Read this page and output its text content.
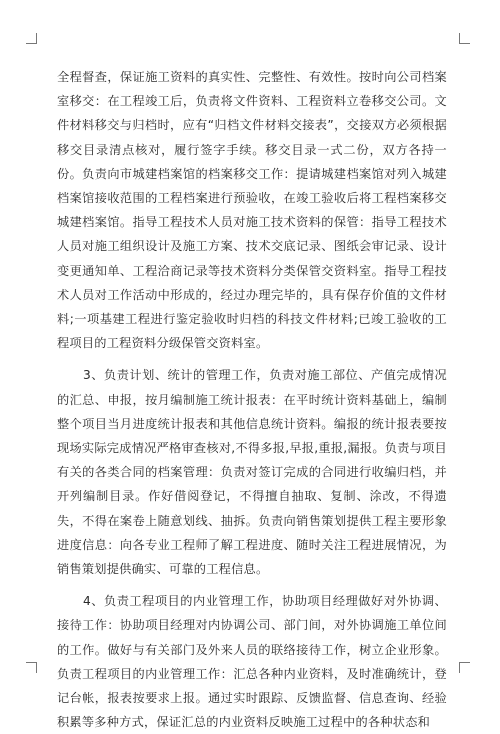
全程督查，保证施工资料的真实性、完整性、有效性。按时向公司档案室移交：在工程竣工后，负责将文件资料、工程资料立卷移交公司。文件材料移交与归档时，应有“归档文件材料交接表”，交接双方必须根据移交目录清点核对，履行签字手续。移交目录一式二份，双方各持一份。负责向市城建档案馆的档案移交工作：提请城建档案馆对列入城建档案馆接收范围的工程档案进行预验收，在竣工验收后将工程档案移交城建档案馆。指导工程技术人员对施工技术资料的保管：指导工程技术人员对施工组织设计及施工方案、技术交底记录、图纸会审记录、设计变更通知单、工程洽商记录等技术资料分类保管交资料室。指导工程技术人员对工作活动中形成的，经过办理完毕的，具有保存价值的文件材料;一项基建工程进行鉴定验收时归档的科技文件材料;已竣工验收的工程项目的工程资料分级保管交资料室。

3、负责计划、统计的管理工作，负责对施工部位、产值完成情况的汇总、申报，按月编制施工统计报表：在平时统计资料基础上，编制整个项目当月进度统计报表和其他信息统计资料。编报的统计报表要按现场实际完成情况严格审查核对,不得多报,早报,重报,漏报。负责与项目有关的各类合同的档案管理：负责对签订完成的合同进行收编归档，并开列编制目录。作好借阅登记，不得擅自抽取、复制、涂改，不得遗失，不得在案卷上随意划线、抽拆。负责向销售策划提供工程主要形象进度信息：向各专业工程师了解工程进度、随时关注工程进展情况，为销售策划提供确实、可靠的工程信息。

4、负责工程项目的内业管理工作，协助项目经理做好对外协调、接待工作：协助项目经理对内协调公司、部门间，对外协调施工单位间的工作。做好与有关部门及外来人员的联络接待工作，树立企业形象。负责工程项目的内业管理工作：汇总各种内业资料，及时准确统计，登记台帐，报表按要求上报。通过实时跟踪、反馈监督、信息查询、经验积累等多种方式，保证汇总的内业资料反映施工过程中的各种状态和
